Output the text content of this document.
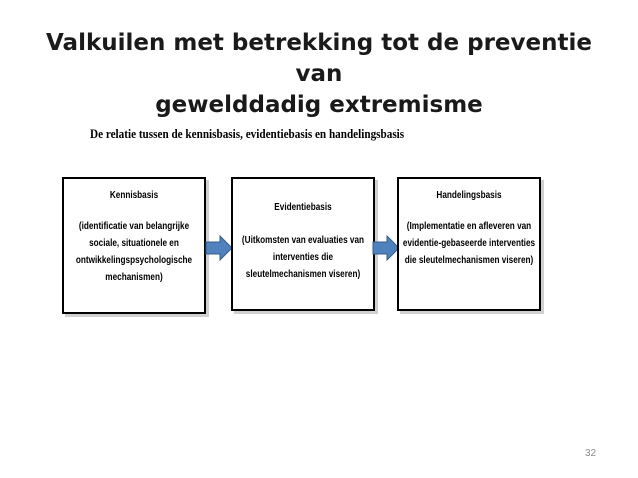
Valkuilen met betrekking tot de preventie van
gewelddadig extremisme
De relatie tussen de kennisbasis, evidentiebasis en handelingsbasis
Kennisbasis
(identificatie van belangrijke sociale, situationele en ontwikkelingspsychologische mechanismen)
Evidentiebasis
(Uitkomsten van evaluaties van interventies die sleutelmechanismen viseren)
Handelingsbasis
(Implementatie en afleveren van evidentie-gebaseerde interventies die sleutelmechanismen viseren)
32
